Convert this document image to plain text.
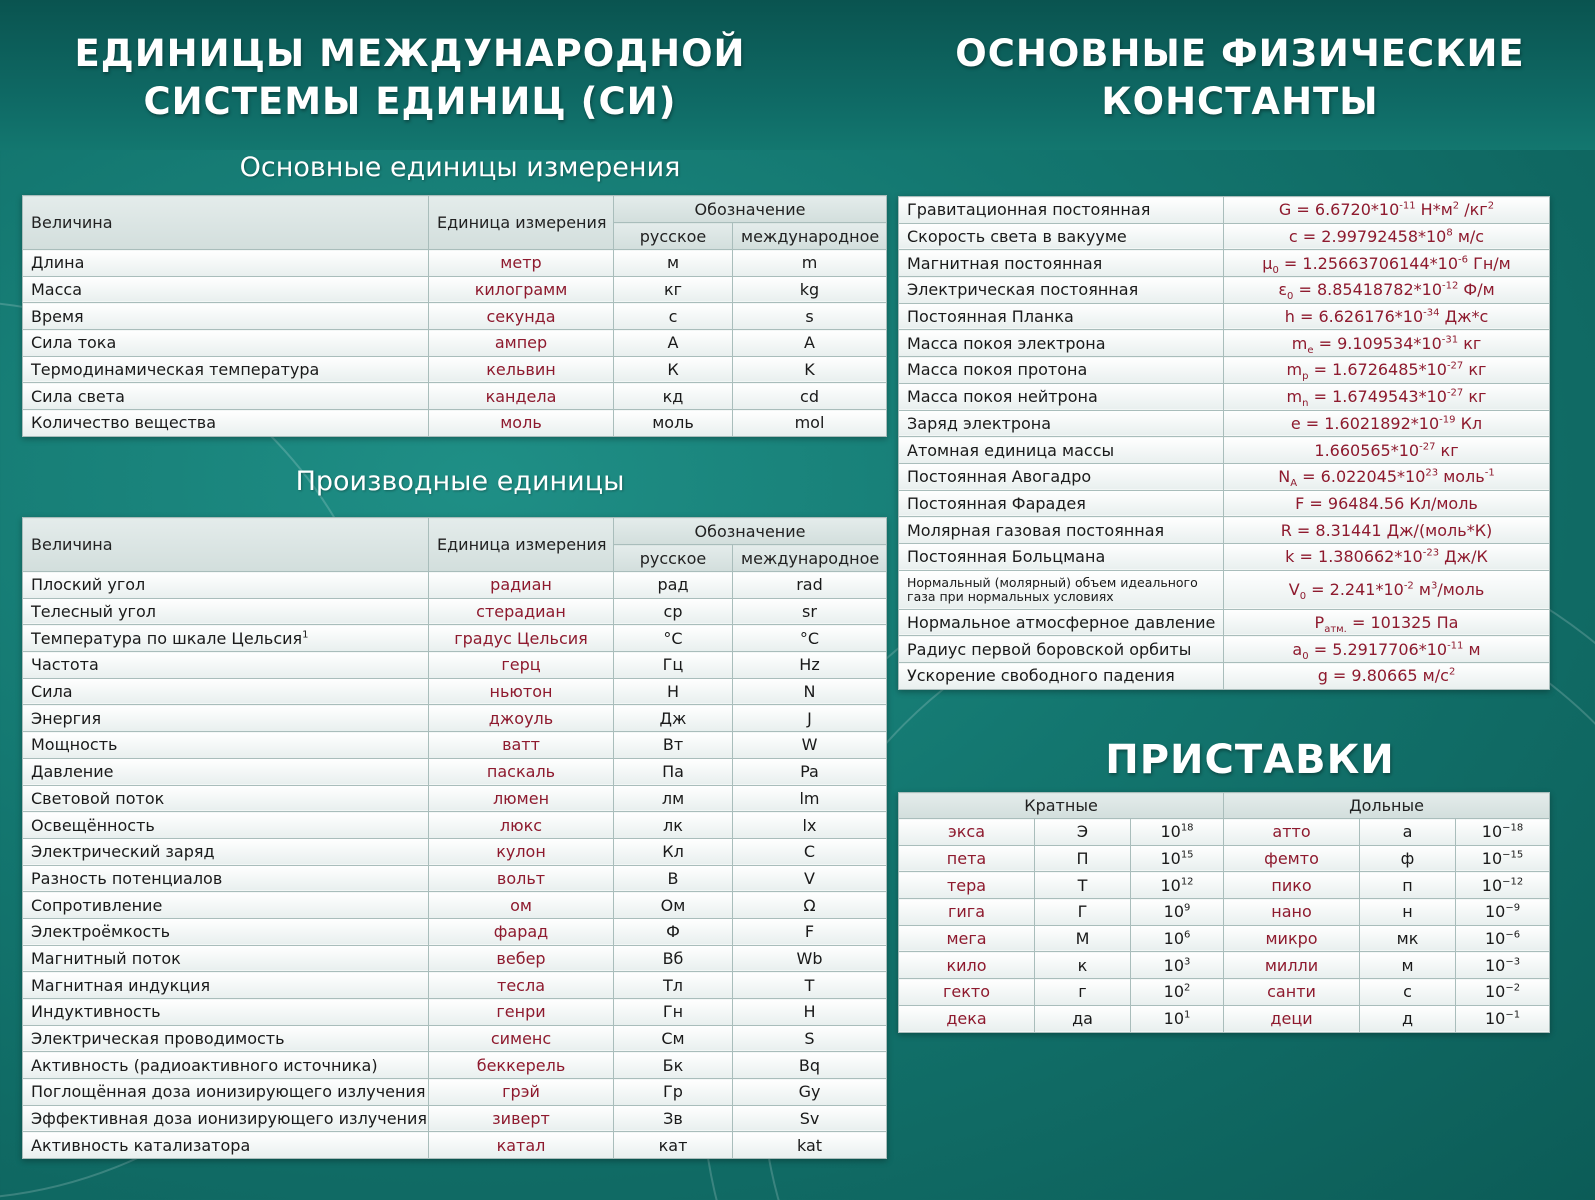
ЕДИНИЦЫ МЕЖДУНАРОДНОЙ СИСТЕМЫ ЕДИНИЦ (СИ)
ОСНОВНЫЕ ФИЗИЧЕСКИЕ КОНСТАНТЫ
Основные единицы измерения
Производные единицы
ПРИСТАВКИ
Величина	Единица измерения	Обозначение	
		русское	международное
Длина	метр	м	m
Масса	килограмм	кг	kg
Время	секунда	с	s
Сила тока	ампер	А	A
Термодинамическая температура	кельвин	К	K
Сила света	кандела	кд	cd
Количество вещества	моль	моль	mol
Величина	Единица измерения	Обозначение	
		русское	международное
Плоский угол	радиан	рад	rad
Телесный угол	стерадиан	ср	sr
Температура по шкале Цельсия$^1$	градус Цельсия	°C	°C
Частота	герц	Гц	Hz
Сила	ньютон	Н	N
Энергия	джоуль	Дж	J
Мощность	ватт	Вт	W
Давление	паскаль	Па	Pa
Световой поток	люмен	лм	lm
Освещённость	люкс	лк	lx
Электрический заряд	кулон	Кл	C
Разность потенциалов	вольт	В	V
Сопротивление	ом	Ом	Ω
Электроёмкость	фарад	Ф	F
Магнитный поток	вебер	Вб	Wb
Магнитная индукция	тесла	Тл	T
Индуктивность	генри	Гн	H
Электрическая проводимость	сименс	См	S
Активность (радиоактивного источника)	беккерель	Бк	Bq
Поглощённая доза ионизирующего излучения	грэй	Гр	Gy
Эффективная доза ионизирующего излучения	зиверт	Зв	Sv
Активность катализатора	катал	кат	kat
Гравитационная постоянная	$G = 6.6720*10^{-11}$ $Н*м^2$ $/кг^2$
Скорость света в вакууме	$c = 2.99792458*10^8$ м/с
Магнитная постоянная	$\mu_0 = 1.25663706144*10^{-6}$ Гн/м
Электрическая постоянная	$\varepsilon_0 = 8.85418782*10^{-12}$ Ф/м
Постоянная Планка	$h = 6.626176*10^{-34}$ Дж*с
Масса покоя электрона	$m_e = 9.109534*10^{-31}$ кг
Масса покоя протона	$m_p = 1.6726485*10^{-27}$ кг
Масса покоя нейтрона	$m_n = 1.6749543*10^{-27}$ кг
Заряд электрона	$e = 1.6021892*10^{-19}$ Кл
Атомная единица массы	$1.660565*10^{-27}$ кг
Постоянная Авогадро	$N_A = 6.022045*10^{23}$ моль$^{-1}$
Постоянная Фарадея	F = 96484.56 Кл/моль
Молярная газовая постоянная	R = 8.31441 Дж/(моль*К)
Постоянная Больцмана	$k = 1.380662*10^{-23}$ Дж/К
Нормальный (молярный) объем идеального газа при нормальных условиях	$V_0 = 2.241*10^{-2}$ $м^3$/моль
Нормальное атмосферное давление	$P_{атм.} = 101325$ Па
Радиус первой боровской орбиты	$a_0 = 5.2917706*10^{-11}$ м
Ускорение свободного падения	g = 9.80665 $м/с^2$
Кратные			Дольные		
экса	Э	$10^{18}$	атто	а	$10^{-18}$
пета	П	$10^{15}$	фемто	ф	$10^{-15}$
тера	Т	$10^{12}$	пико	п	$10^{-12}$
гига	Г	$10^9$	нано	н	$10^{-9}$
мега	М	$10^6$	микро	мк	$10^{-6}$
кило	к	$10^3$	милли	м	$10^{-3}$
гекто	г	$10^2$	санти	с	$10^{-2}$
дека	да	$10^1$	деци	д	$10^{-1}$
